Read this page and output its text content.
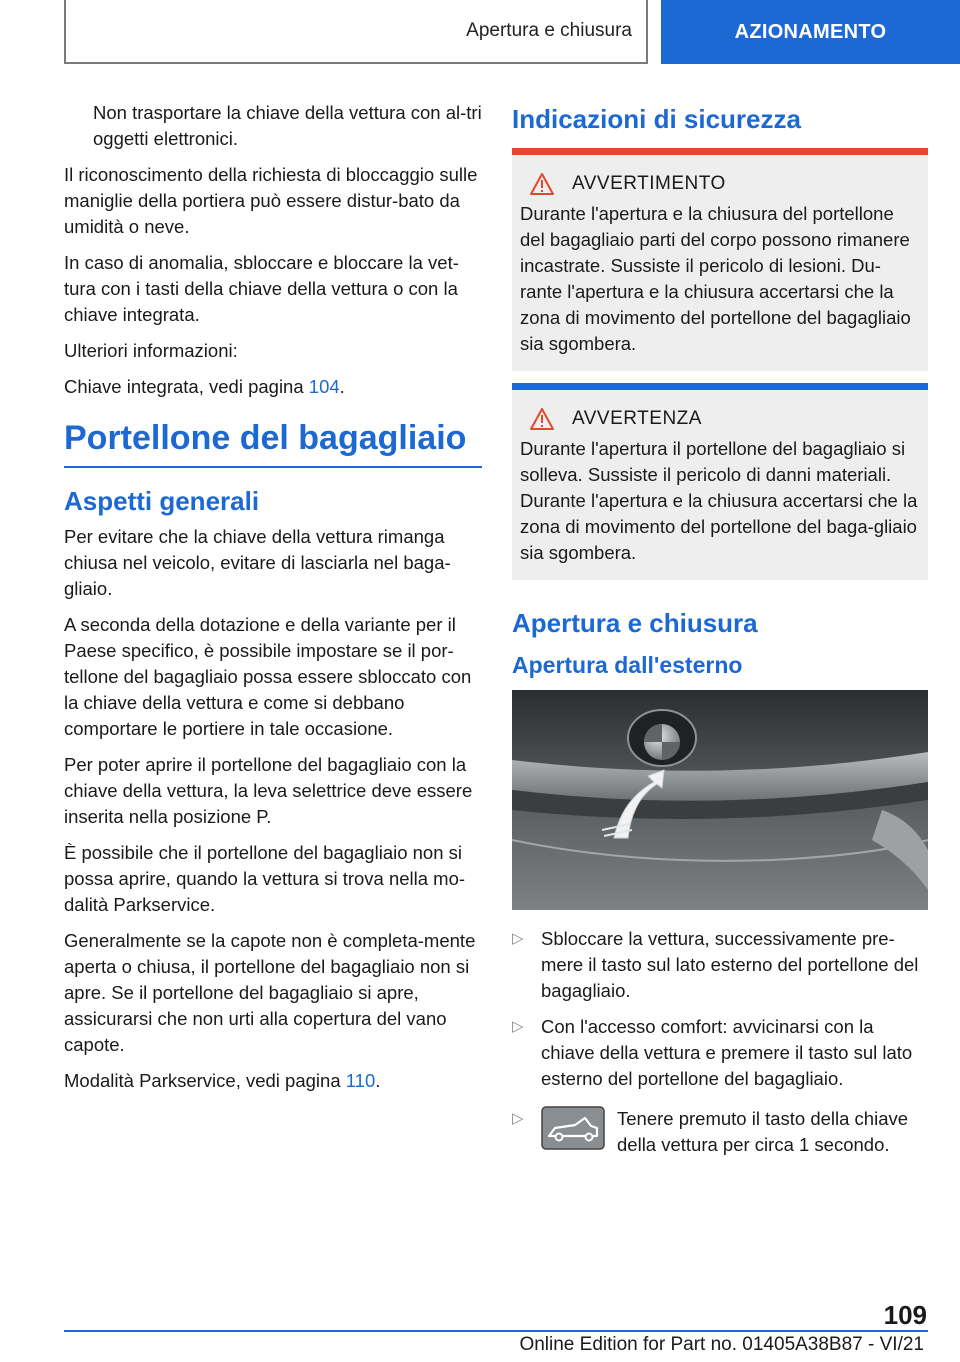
Apertura e chiusura	AZIONAMENTO

Non trasportare la chiave della vettura con al-tri oggetti elettronici.

Il riconoscimento della richiesta di bloccaggio sulle maniglie della portiera può essere distur-bato da umidità o neve.

In caso di anomalia, sbloccare e bloccare la vet-tura con i tasti della chiave della vettura o con la chiave integrata.

Ulteriori informazioni:

Chiave integrata, vedi pagina 104.

Portellone del bagagliaio
Aspetti generali

Per evitare che la chiave della vettura rimanga chiusa nel veicolo, evitare di lasciarla nel baga-gliaio.

A seconda della dotazione e della variante per il Paese specifico, è possibile impostare se il por-tellone del bagagliaio possa essere sbloccato con la chiave della vettura e come si debbano comportare le portiere in tale occasione.

Per poter aprire il portellone del bagagliaio con la chiave della vettura, la leva selettrice deve essere inserita nella posizione P.

È possibile che il portellone del bagagliaio non si possa aprire, quando la vettura si trova nella mo-dalità Parkservice.

Generalmente se la capote non è completa-mente aperta o chiusa, il portellone del bagagliaio non si apre. Se il portellone del bagagliaio si apre, assicurarsi che non urti alla copertura del vano capote.

Modalità Parkservice, vedi pagina 110.

Indicazioni di sicurezza
AVVERTIMENTO

Durante l'apertura e la chiusura del portellone del bagagliaio parti del corpo possono rimanere incastrate. Sussiste il pericolo di lesioni. Du-rante l'apertura e la chiusura accertarsi che la zona di movimento del portellone del bagagliaio sia sgombera.

AVVERTENZA

Durante l'apertura il portellone del bagagliaio si solleva. Sussiste il pericolo di danni materiali. Durante l'apertura e la chiusura accertarsi che la zona di movimento del portellone del baga-gliaio sia sgombera.

Apertura e chiusura
Apertura dall'esterno
▷ Sbloccare la vettura, successivamente pre-mere il tasto sul lato esterno del portellone del bagagliaio.
▷ Con l'accesso comfort: avvicinarsi con la chiave della vettura e premere il tasto sul lato esterno del portellone del bagagliaio.
▷	Tenere premuto il tasto della chiave della vettura per circa 1 secondo.
109
Online Edition for Part no. 01405A38B87 - VI/21
